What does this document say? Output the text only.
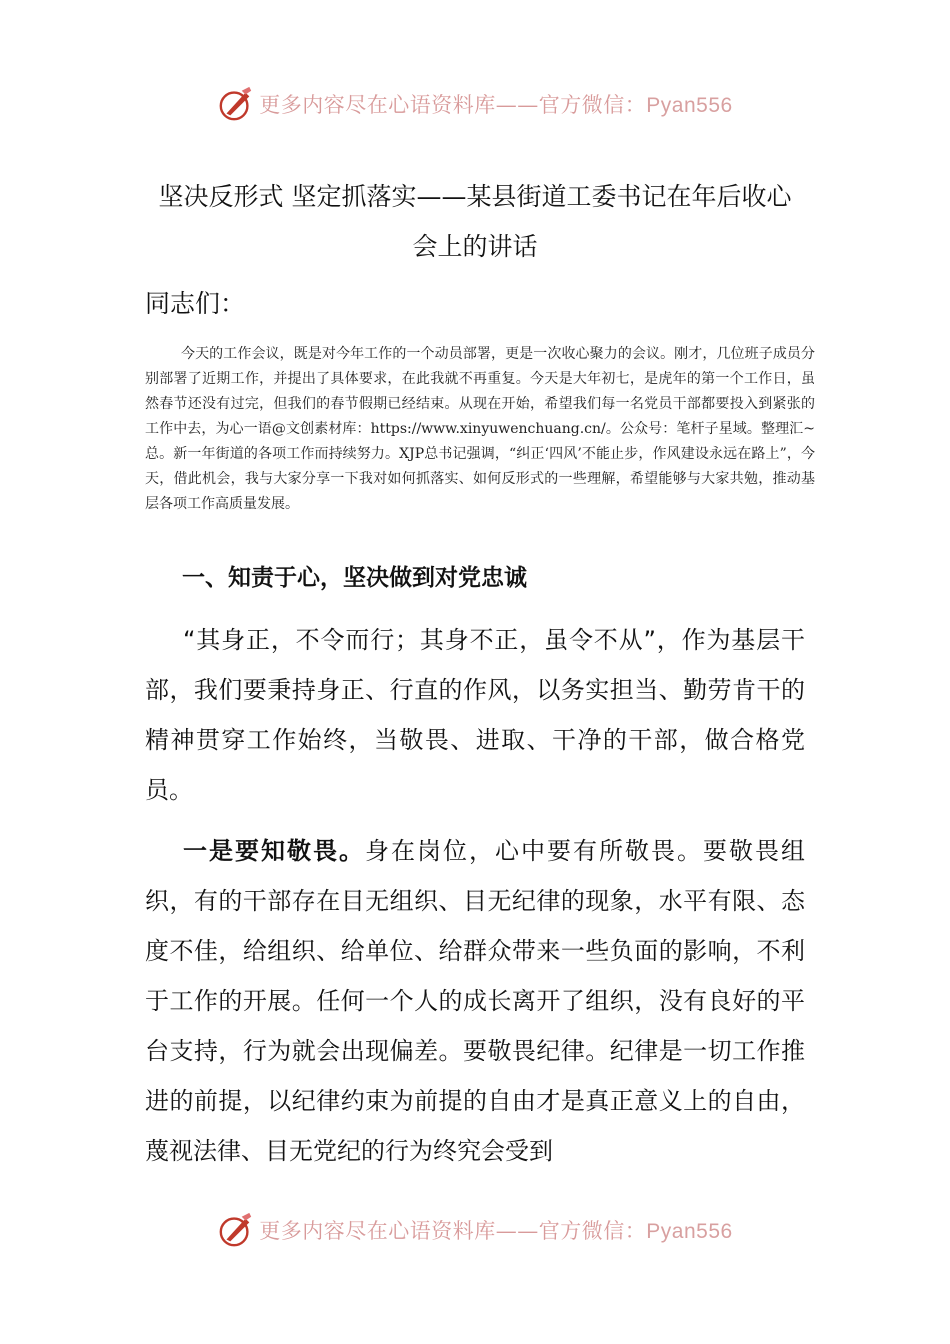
更多内容尽在心语资料库——官方微信：Pyan556
坚决反形式 坚定抓落实——某县街道工委书记在年后收心
会上的讲话
同志们：
今天的工作会议，既是对今年工作的一个动员部署，更是一次收心聚力的会议。刚才，几位班子成员分别部署了近期工作，并提出了具体要求，在此我就不再重复。今天是大年初七，是虎年的第一个工作日，虽然春节还没有过完，但我们的春节假期已经结束。从现在开始，希望我们每一名党员干部都要投入到紧张的工作中去，为心一语@文创素材库：https://www.xinyuwenchuang.cn/。公众号：笔杆子星域。整理汇~总。新一年街道的各项工作而持续努力。XJP总书记强调，“纠正‘四风’不能止步，作风建设永远在路上”，今天，借此机会，我与大家分享一下我对如何抓落实、如何反形式的一些理解，希望能够与大家共勉，推动基层各项工作高质量发展。
一、知责于心，坚决做到对党忠诚
“其身正，不令而行；其身不正，虽令不从”，作为基层干部，我们要秉持身正、行直的作风，以务实担当、勤劳肯干的精神贯穿工作始终，当敬畏、进取、干净的干部，做合格党员。
一是要知敬畏。身在岗位，心中要有所敬畏。要敬畏组织，有的干部存在目无组织、目无纪律的现象，水平有限、态度不佳，给组织、给单位、给群众带来一些负面的影响，不利于工作的开展。任何一个人的成长离开了组织，没有良好的平台支持，行为就会出现偏差。要敬畏纪律。纪律是一切工作推进的前提，以纪律约束为前提的自由才是真正意义上的自由，蔑视法律、目无党纪的行为终究会受到
更多内容尽在心语资料库——官方微信：Pyan556
